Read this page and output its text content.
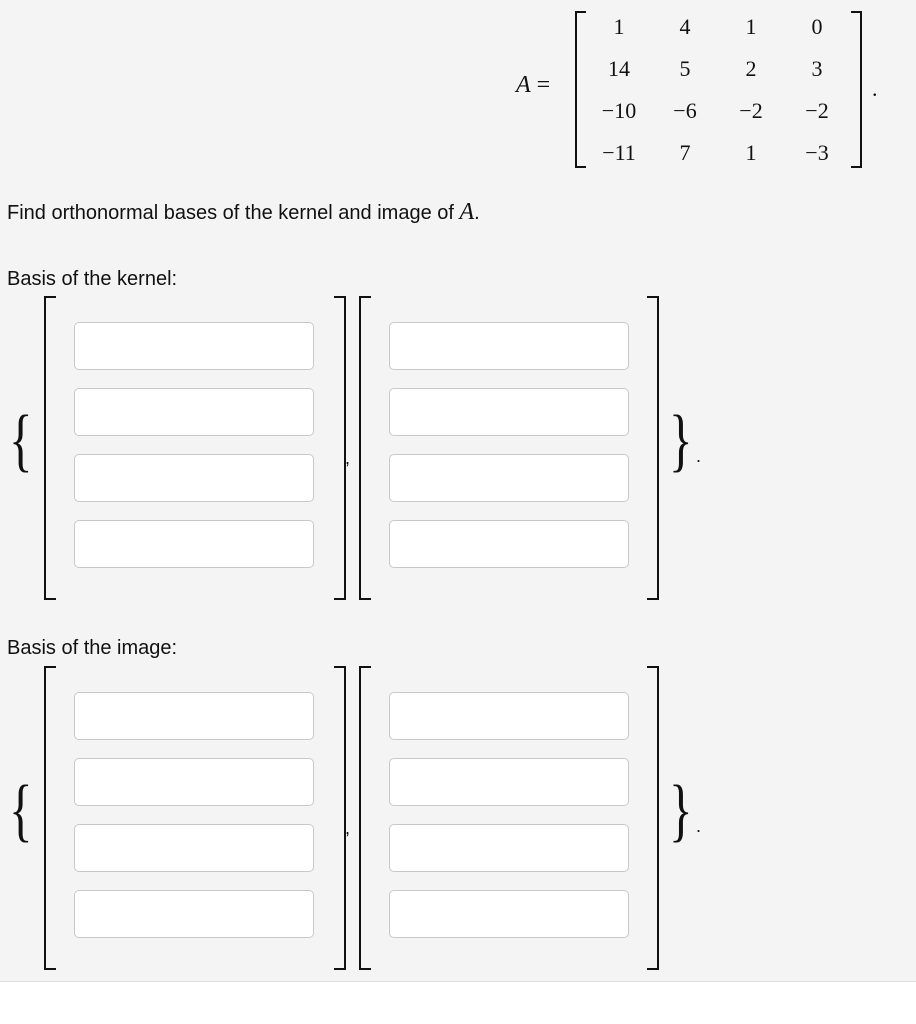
A =
1	4	1	0
14	5	2	3
−10	−6	−2	−2
−11	7	1	−3
.
Find orthonormal bases of the kernel and image of A.
Basis of the kernel:
{	,	} .
Basis of the image:
{	,	} .
